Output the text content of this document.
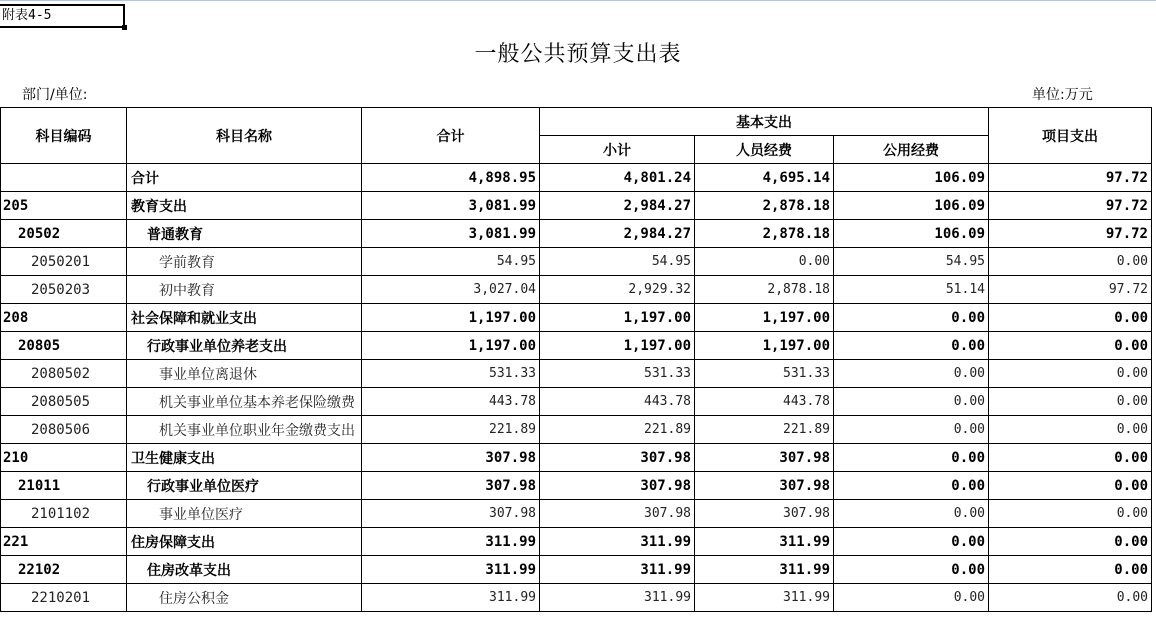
附表4-5
一般公共预算支出表
部门/单位:	单位:万元
科目编码	科目名称	合计	基本支出			项目支出
			小计	人员经费	公用经费	
	合计	4,898.95	4,801.24	4,695.14	106.09	97.72
205	教育支出	3,081.99	2,984.27	2,878.18	106.09	97.72
20502	普通教育	3,081.99	2,984.27	2,878.18	106.09	97.72
2050201	学前教育	54.95	54.95	0.00	54.95	0.00
2050203	初中教育	3,027.04	2,929.32	2,878.18	51.14	97.72
208	社会保障和就业支出	1,197.00	1,197.00	1,197.00	0.00	0.00
20805	行政事业单位养老支出	1,197.00	1,197.00	1,197.00	0.00	0.00
2080502	事业单位离退休	531.33	531.33	531.33	0.00	0.00
2080505	机关事业单位基本养老保险缴费	443.78	443.78	443.78	0.00	0.00
2080506	机关事业单位职业年金缴费支出	221.89	221.89	221.89	0.00	0.00
210	卫生健康支出	307.98	307.98	307.98	0.00	0.00
21011	行政事业单位医疗	307.98	307.98	307.98	0.00	0.00
2101102	事业单位医疗	307.98	307.98	307.98	0.00	0.00
221	住房保障支出	311.99	311.99	311.99	0.00	0.00
22102	住房改革支出	311.99	311.99	311.99	0.00	0.00
2210201	住房公积金	311.99	311.99	311.99	0.00	0.00
